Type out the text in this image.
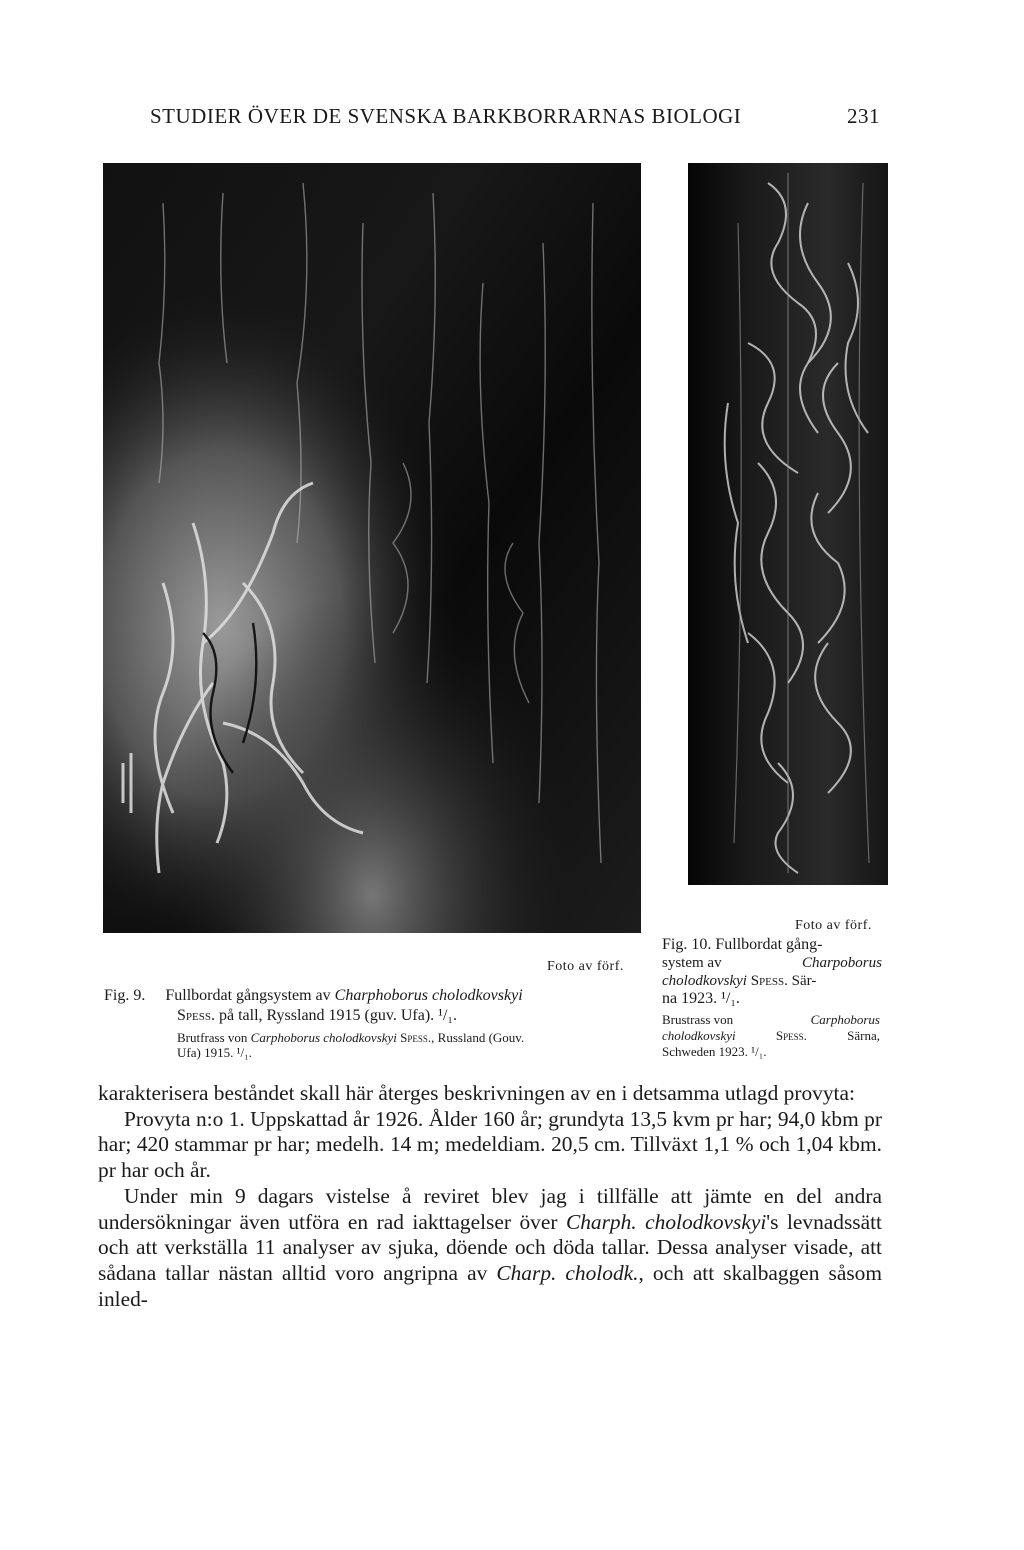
STUDIER ÖVER DE SVENSKA BARKBORRARNAS BIOLOGI	231
Foto av förf.
Fig. 9. Fullbordat gångsystem av Charphoborus cholodkovskyi
Spess. på tall, Ryssland 1915 (guv. Ufa). ¹/₁.
Brutfrass von Carphoborus cholodkovskyi Spess., Russland (Gouv.
Ufa) 1915. ¹/₁.
Foto av förf.
Fig. 10. Fullbordat gång-
system av	Charpoborus
cholodkovskyi Spess. Sär-
na 1923. ¹/₁.
Brustrass von	Carphoborus
cholodkovskyi	Spess.	Särna,
Schweden 1923. ¹/₁.

karakterisera beståndet skall här återges beskrivningen av en i detsamma utlagd provyta:

Provyta n:o 1. Uppskattad år 1926. Ålder 160 år; grundyta 13,5 kvm pr har; 94,0 kbm pr har; 420 stammar pr har; medelh. 14 m; medeldiam. 20,5 cm. Tillväxt 1,1 % och 1,04 kbm. pr har och år.

Under min 9 dagars vistelse å reviret blev jag i tillfälle att jämte en del andra undersökningar även utföra en rad iakttagelser över Charph. cholodkovskyi's levnadssätt och att verkställa 11 analyser av sjuka, döende och döda tallar. Dessa analyser visade, att sådana tallar nästan alltid voro angripna av Charp. cholodk., och att skalbaggen såsom inled-
